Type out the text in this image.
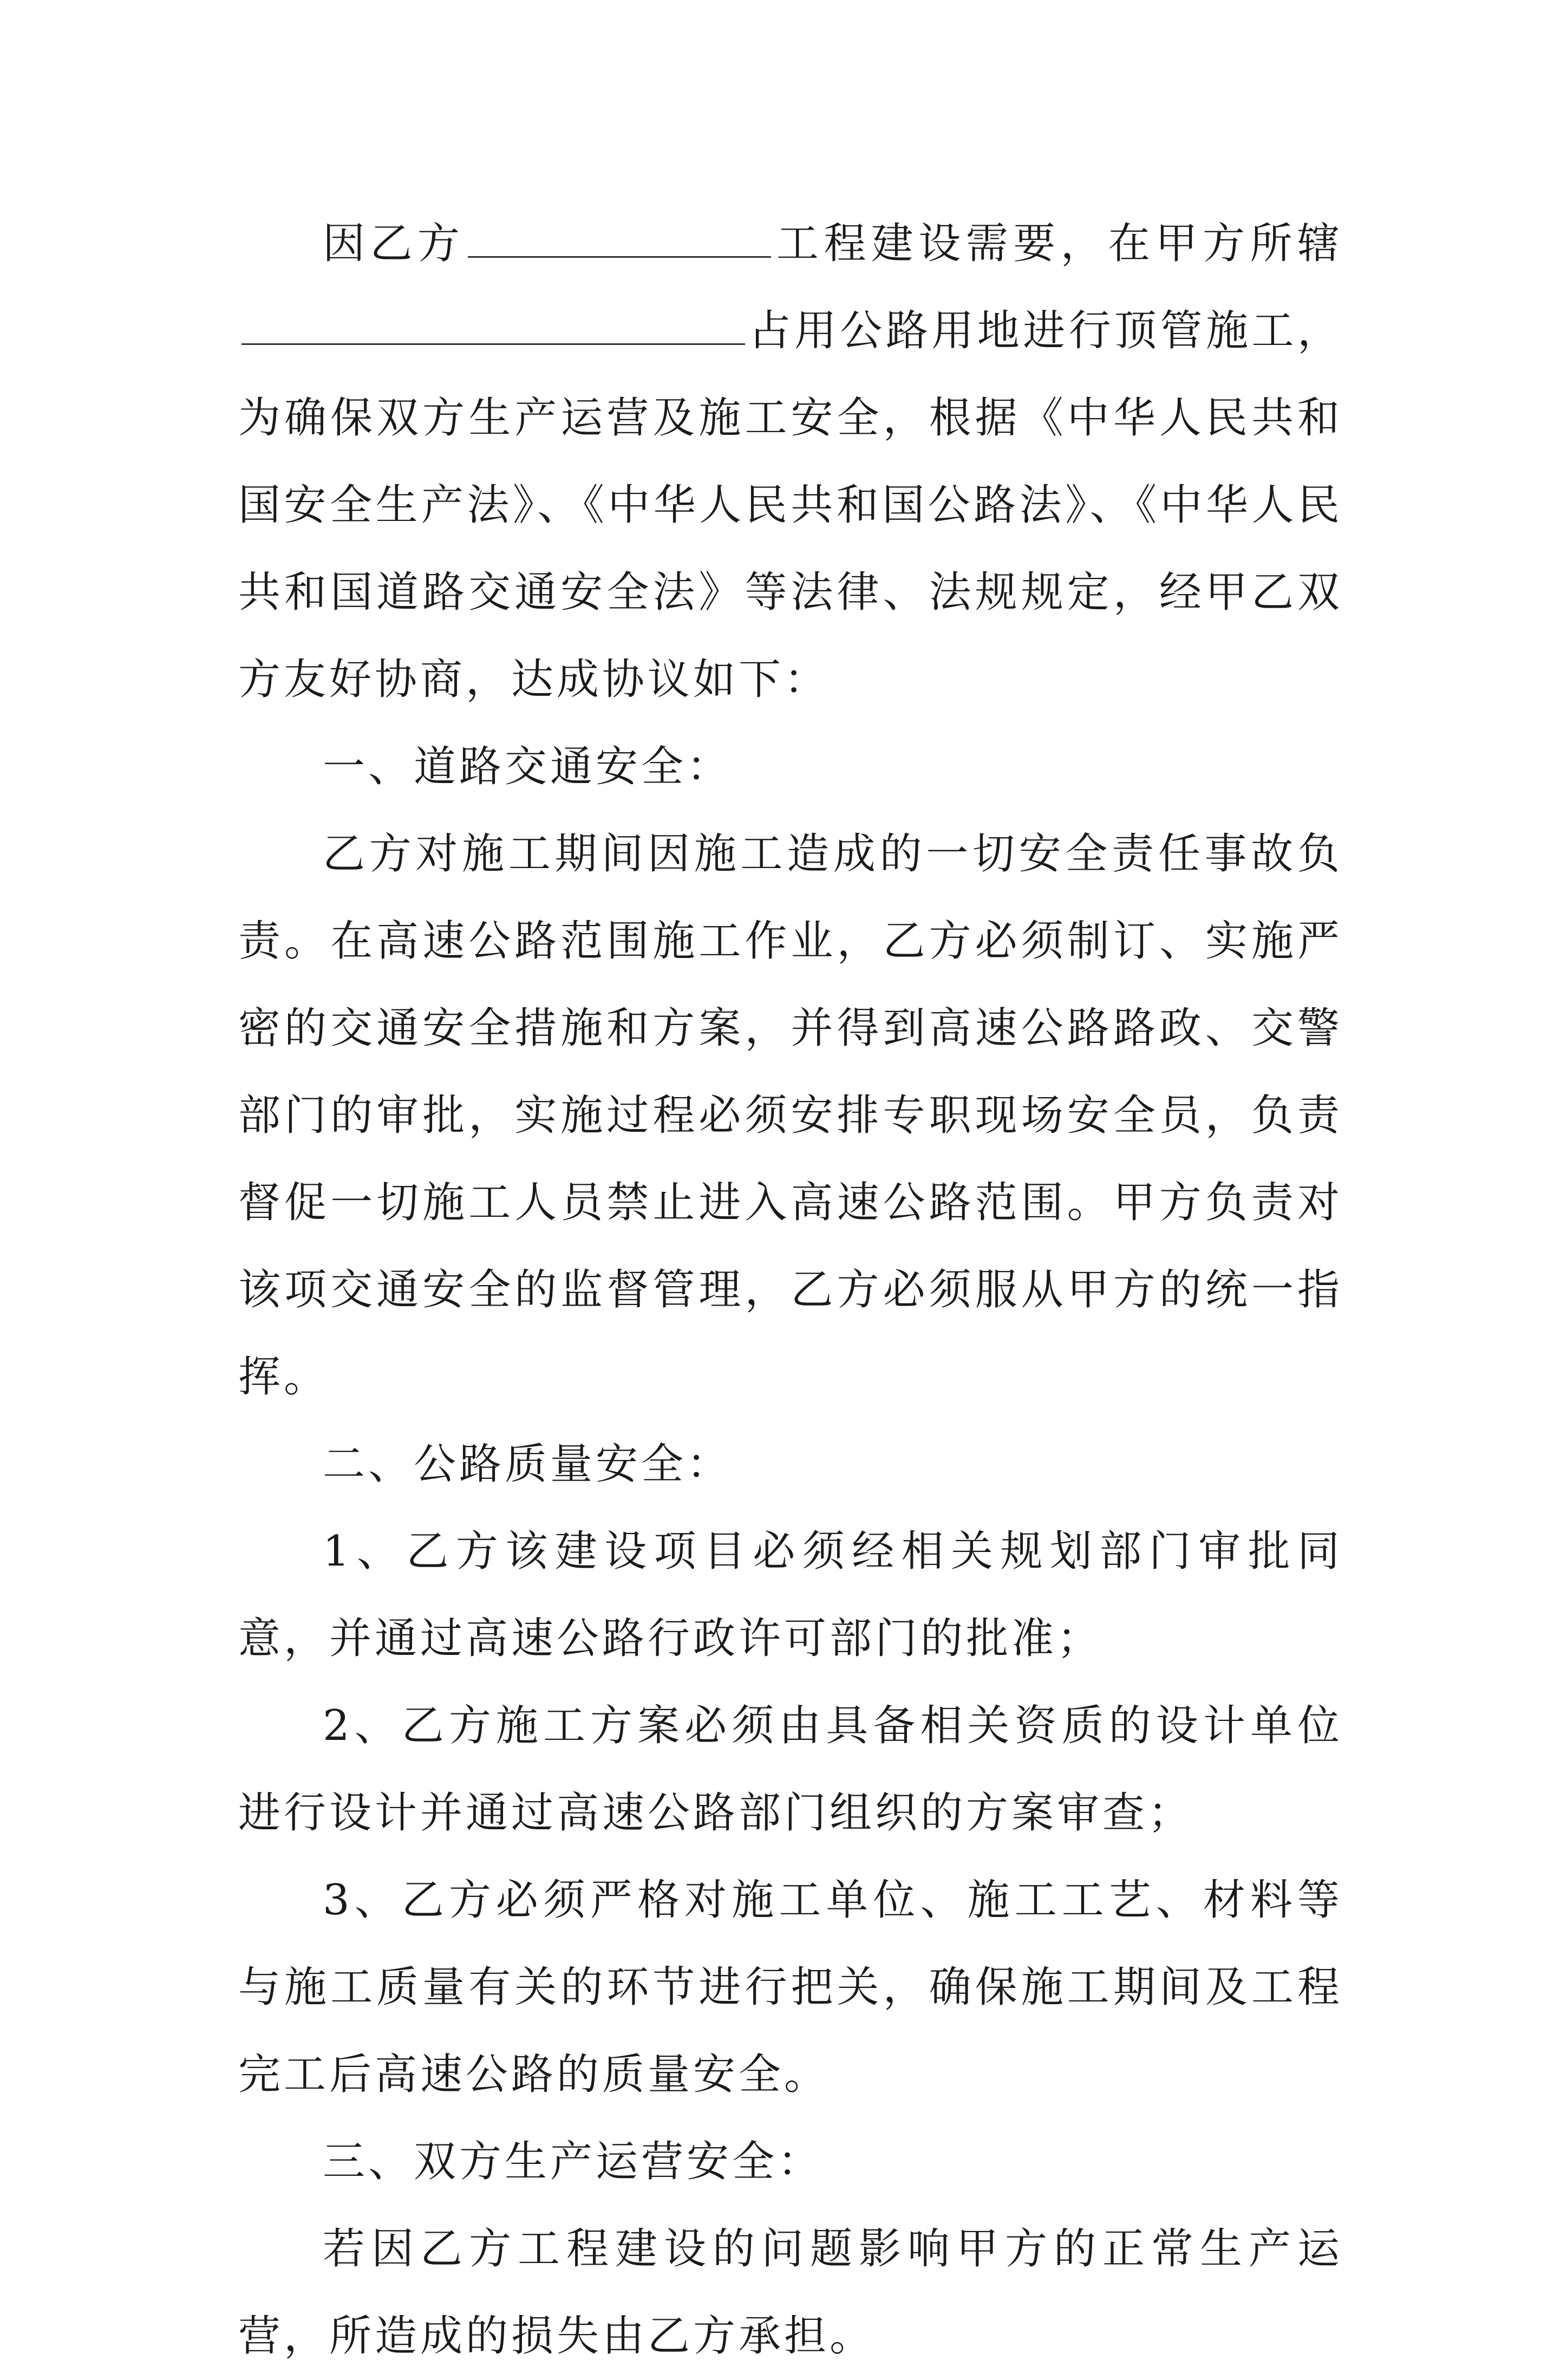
因乙方	工程建设需要，在甲方所辖占用公路用地进行顶管施工，为确保双方生产运营及施工安全，根据《中华人民共和国安全生产法》、《中华人民共和国公路法》、《中华人民共和国道路交通安全法》等法律、法规规定，经甲乙双方友好协商，达成协议如下：

一、道路交通安全：

乙方对施工期间因施工造成的一切安全责任事故负责。在高速公路范围施工作业，乙方必须制订、实施严密的交通安全措施和方案，并得到高速公路路政、交警部门的审批，实施过程必须安排专职现场安全员，负责督促一切施工人员禁止进入高速公路范围。甲方负责对该项交通安全的监督管理，乙方必须服从甲方的统一指挥。

二、公路质量安全：

1、乙方该建设项目必须经相关规划部门审批同意，并通过高速公路行政许可部门的批准；

2、乙方施工方案必须由具备相关资质的设计单位进行设计并通过高速公路部门组织的方案审查；

3、乙方必须严格对施工单位、施工工艺、材料等与施工质量有关的环节进行把关，确保施工期间及工程完工后高速公路的质量安全。

三、双方生产运营安全：

若因乙方工程建设的问题影响甲方的正常生产运营，所造成的损失由乙方承担。
